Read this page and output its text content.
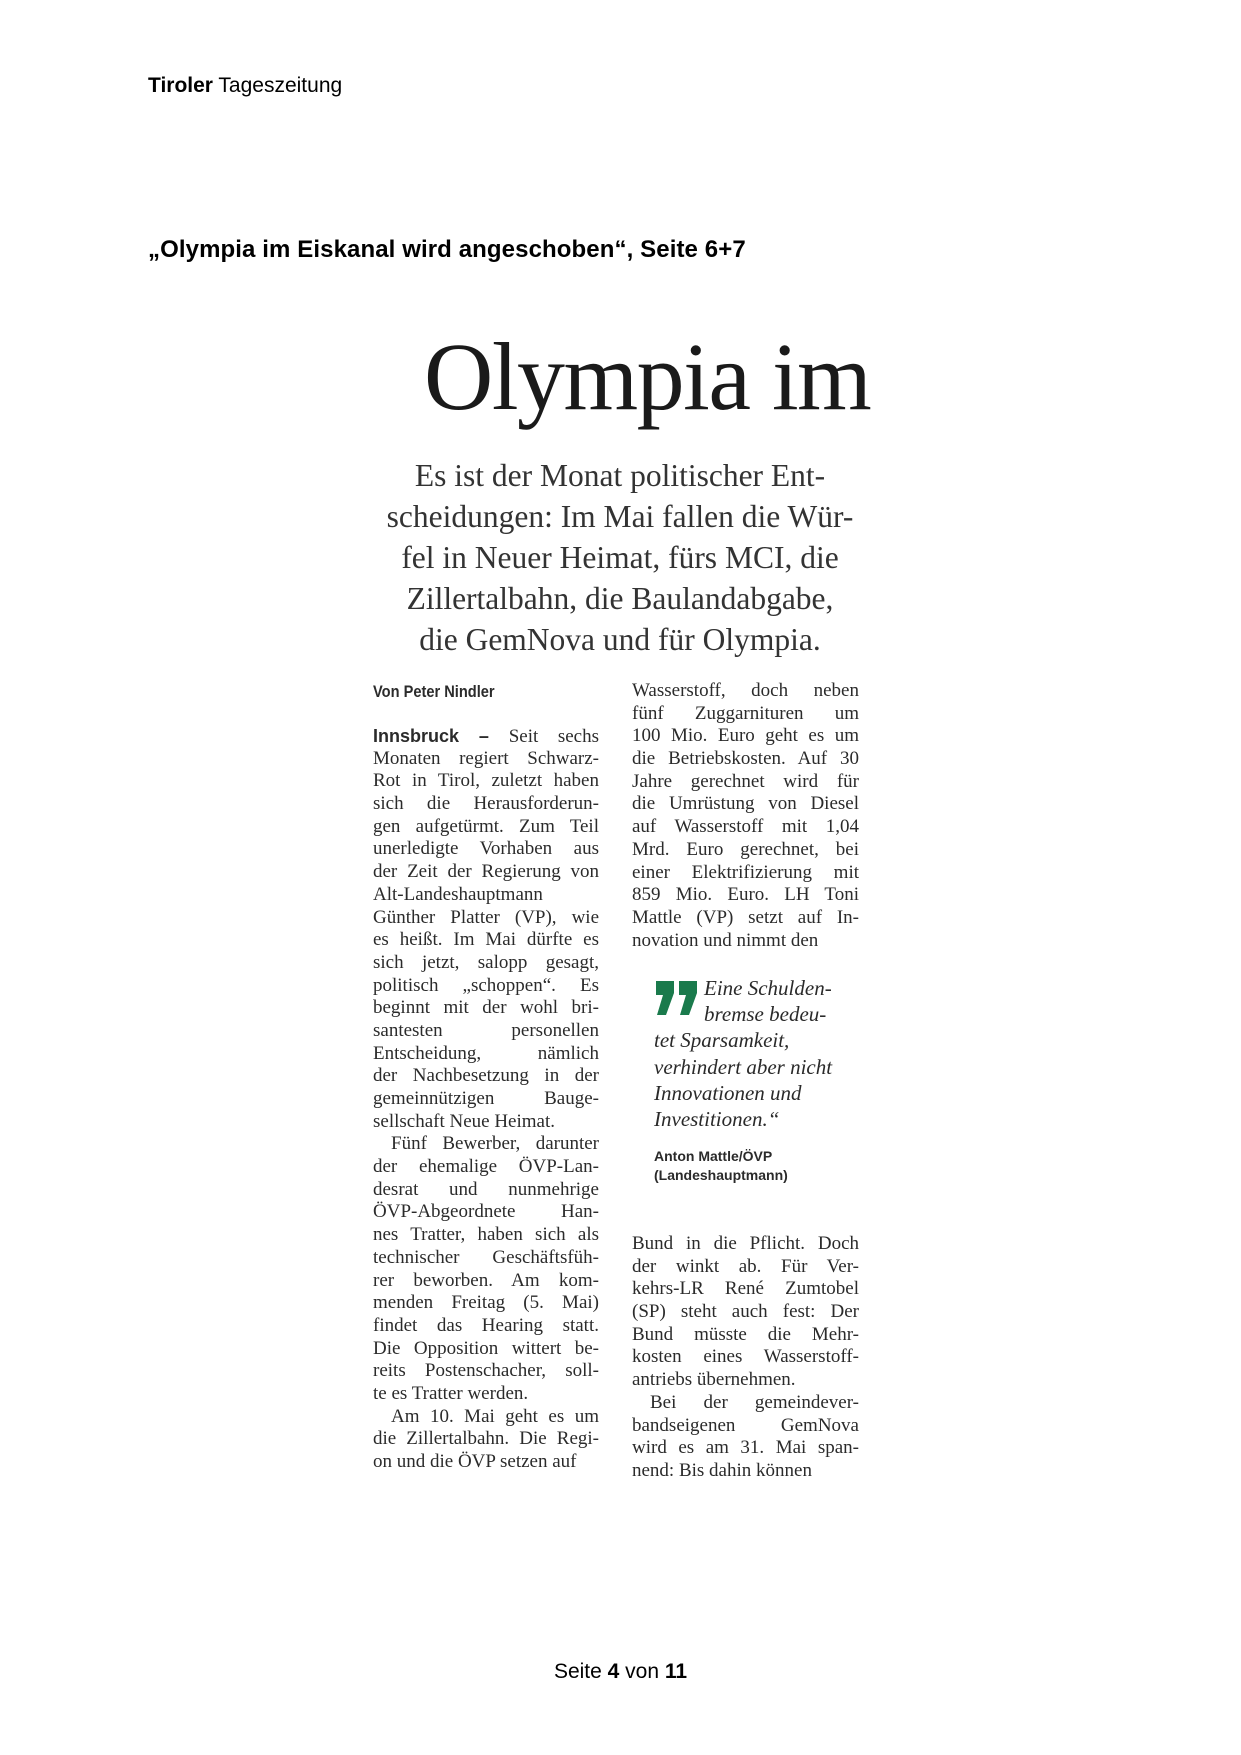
Tiroler Tageszeitung
„Olympia im Eiskanal wird angeschoben“, Seite 6+7
Olympia im
Es ist der Monat politischer Ent-
scheidungen: Im Mai fallen die Wür-
fel in Neuer Heimat, fürs MCI, die
Zillertalbahn, die Baulandabgabe,
die GemNova und für Olympia.
Von Peter Nindler
Innsbruck – Seit sechs
Monaten regiert Schwarz-
Rot in Tirol, zuletzt haben
sich die Herausforderun-
gen aufgetürmt. Zum Teil
unerledigte Vorhaben aus
der Zeit der Regierung von
Alt-Landeshauptmann
Günther Platter (VP), wie
es heißt. Im Mai dürfte es
sich jetzt, salopp gesagt,
politisch „schoppen“. Es
beginnt mit der wohl bri-
santesten personellen
Entscheidung, nämlich
der Nachbesetzung in der
gemeinnützigen Bauge-
sellschaft Neue Heimat.
Fünf Bewerber, darunter
der ehemalige ÖVP-Lan-
desrat und nunmehrige
ÖVP-Abgeordnete Han-
nes Tratter, haben sich als
technischer Geschäftsfüh-
rer beworben. Am kom-
menden Freitag (5. Mai)
findet das Hearing statt.
Die Opposition wittert be-
reits Postenschacher, soll-
te es Tratter werden.
Am 10. Mai geht es um
die Zillertalbahn. Die Regi-
on und die ÖVP setzen auf
Wasserstoff, doch neben
fünf Zuggarnituren um
100 Mio. Euro geht es um
die Betriebskosten. Auf 30
Jahre gerechnet wird für
die Umrüstung von Diesel
auf Wasserstoff mit 1,04
Mrd. Euro gerechnet, bei
einer Elektrifizierung mit
859 Mio. Euro. LH Toni
Mattle (VP) setzt auf In-
novation und nimmt den
Eine Schulden-
bremse bedeu-
tet Sparsamkeit,
verhindert aber nicht
Innovationen und
Investitionen.“
Anton Mattle/ÖVP
(Landeshauptmann)
Bund in die Pflicht. Doch
der winkt ab. Für Ver-
kehrs-LR René Zumtobel
(SP) steht auch fest: Der
Bund müsste die Mehr-
kosten eines Wasserstoff-
antriebs übernehmen.
Bei der gemeindever-
bandseigenen GemNova
wird es am 31. Mai span-
nend: Bis dahin können
Seite 4 von 11
